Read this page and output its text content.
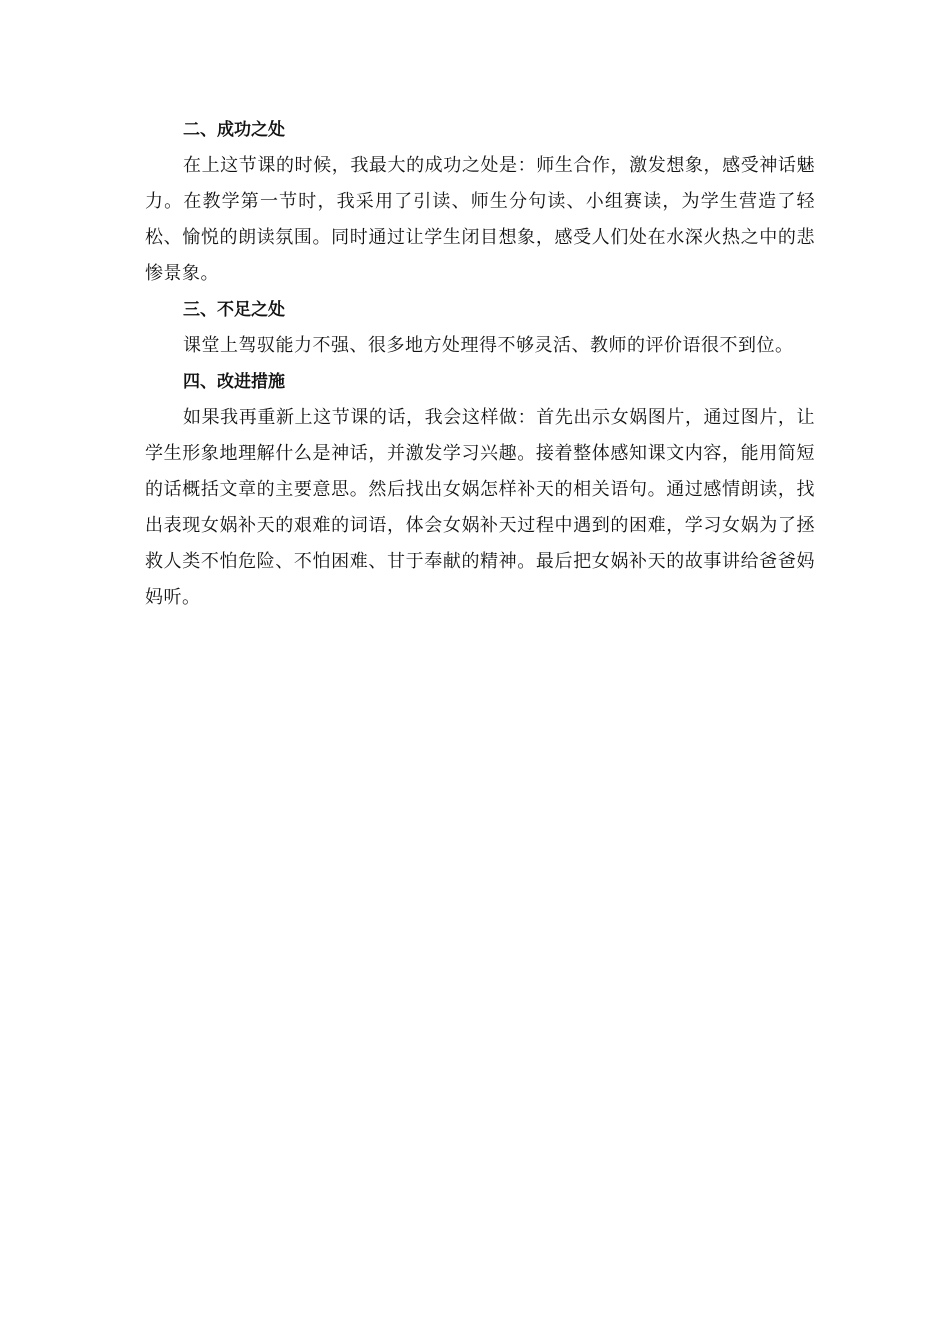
二、成功之处

在上这节课的时候，我最大的成功之处是：师生合作，激发想象，感受神话魅力。在教学第一节时，我采用了引读、师生分句读、小组赛读，为学生营造了轻松、愉悦的朗读氛围。同时通过让学生闭目想象，感受人们处在水深火热之中的悲惨景象。

三、不足之处

课堂上驾驭能力不强、很多地方处理得不够灵活、教师的评价语很不到位。

四、改进措施

如果我再重新上这节课的话，我会这样做：首先出示女娲图片，通过图片，让学生形象地理解什么是神话，并激发学习兴趣。接着整体感知课文内容，能用简短的话概括文章的主要意思。然后找出女娲怎样补天的相关语句。通过感情朗读，找出表现女娲补天的艰难的词语，体会女娲补天过程中遇到的困难，学习女娲为了拯救人类不怕危险、不怕困难、甘于奉献的精神。最后把女娲补天的故事讲给爸爸妈妈听。
